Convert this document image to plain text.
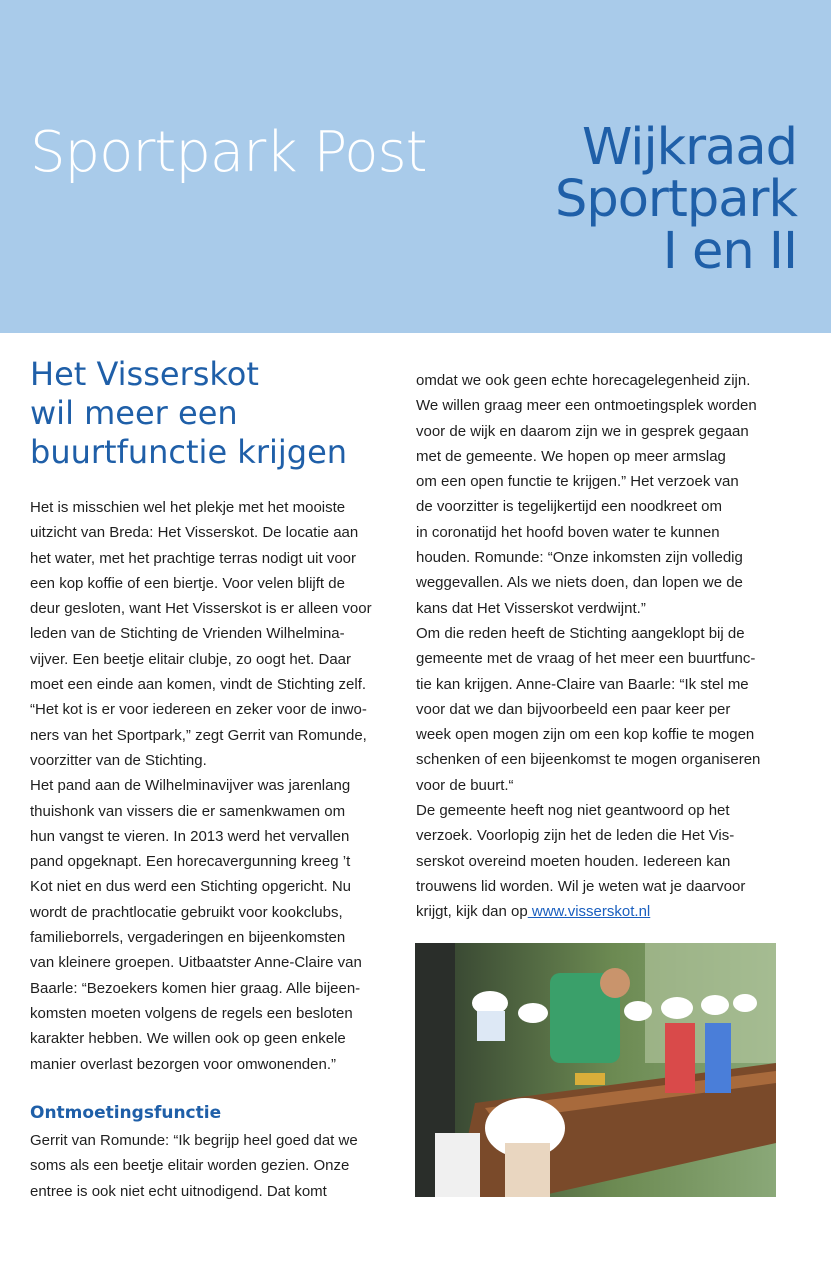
Sportpark Post	Wijkraad
Sportpark
I en II
Het Visserskot
wil meer een
buurtfunctie krijgen
Het is misschien wel het plekje met het mooiste
uitzicht van Breda: Het Visserskot. De locatie aan
het water, met het prachtige terras nodigt uit voor
een kop koffie of een biertje. Voor velen blijft de
deur gesloten, want Het Visserskot is er alleen voor
leden van de Stichting de Vrienden Wilhelmina-
vijver. Een beetje elitair clubje, zo oogt het. Daar
moet een einde aan komen, vindt de Stichting zelf.
“Het kot is er voor iedereen en zeker voor de inwo-
ners van het Sportpark,” zegt Gerrit van Romunde,
voorzitter van de Stichting.
Het pand aan de Wilhelminavijver was jarenlang
thuishonk van vissers die er samenkwamen om
hun vangst te vieren. In 2013 werd het vervallen
pand opgeknapt. Een horecavergunning kreeg ’t
Kot niet en dus werd een Stichting opgericht. Nu
wordt de prachtlocatie gebruikt voor kookclubs,
familieborrels, vergaderingen en bijeenkomsten
van kleinere groepen. Uitbaatster Anne-Claire van
Baarle: “Bezoekers komen hier graag. Alle bijeen-
komsten moeten volgens de regels een besloten
karakter hebben. We willen ook op geen enkele
manier overlast bezorgen voor omwonenden.”
Ontmoetingsfunctie
Gerrit van Romunde: “Ik begrijp heel goed dat we
soms als een beetje elitair worden gezien. Onze
entree is ook niet echt uitnodigend. Dat komt
omdat we ook geen echte horecagelegenheid zijn.
We willen graag meer een ontmoetingsplek worden
voor de wijk en daarom zijn we in gesprek gegaan
met de gemeente. We hopen op meer armslag
om een open functie te krijgen.” Het verzoek van
de voorzitter is tegelijkertijd een noodkreet om
in coronatijd het hoofd boven water te kunnen
houden. Romunde: “Onze inkomsten zijn volledig
weggevallen. Als we niets doen, dan lopen we de
kans dat Het Visserskot verdwijnt.”
Om die reden heeft de Stichting aangeklopt bij de
gemeente met de vraag of het meer een buurtfunc-
tie kan krijgen. Anne-Claire van Baarle: “Ik stel me
voor dat we dan bijvoorbeeld een paar keer per
week open mogen zijn om een kop koffie te mogen
schenken of een bijeenkomst te mogen organiseren
voor de buurt.“
De gemeente heeft nog niet geantwoord op het
verzoek. Voorlopig zijn het de leden die Het Vis-
serskot overeind moeten houden. Iedereen kan
trouwens lid worden. Wil je weten wat je daarvoor
krijgt, kijk dan op www.visserskot.nl
